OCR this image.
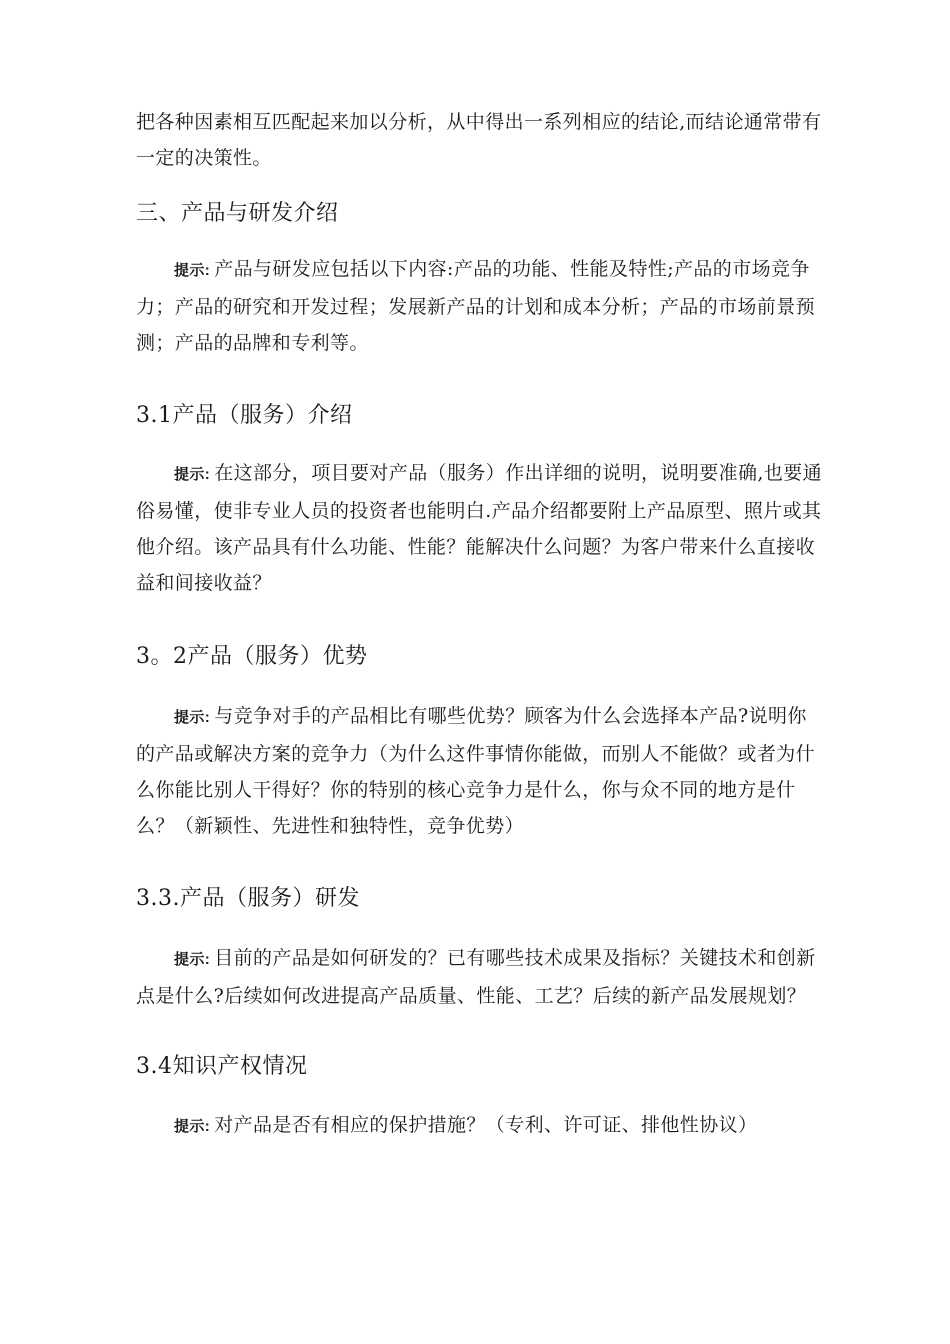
把各种因素相互匹配起来加以分析，从中得出一系列相应的结论,而结论通常带有一定的决策性。

三、产品与研发介绍

提示: 产品与研发应包括以下内容:产品的功能、性能及特性;产品的市场竞争力；产品的研究和开发过程；发展新产品的计划和成本分析；产品的市场前景预测；产品的品牌和专利等。

3.1产品（服务）介绍

提示: 在这部分，项目要对产品（服务）作出详细的说明，说明要准确,也要通俗易懂，使非专业人员的投资者也能明白.产品介绍都要附上产品原型、照片或其他介绍。该产品具有什么功能、性能？能解决什么问题？为客户带来什么直接收益和间接收益？

3。2产品（服务）优势

提示: 与竞争对手的产品相比有哪些优势？顾客为什么会选择本产品?说明你的产品或解决方案的竞争力（为什么这件事情你能做，而别人不能做？或者为什么你能比别人干得好？你的特别的核心竞争力是什么，你与众不同的地方是什么？（新颖性、先进性和独特性，竞争优势）

3.3.产品（服务）研发

提示: 目前的产品是如何研发的？已有哪些技术成果及指标？关键技术和创新点是什么?后续如何改进提高产品质量、性能、工艺？后续的新产品发展规划？

3.4知识产权情况

提示: 对产品是否有相应的保护措施？（专利、许可证、排他性协议）
